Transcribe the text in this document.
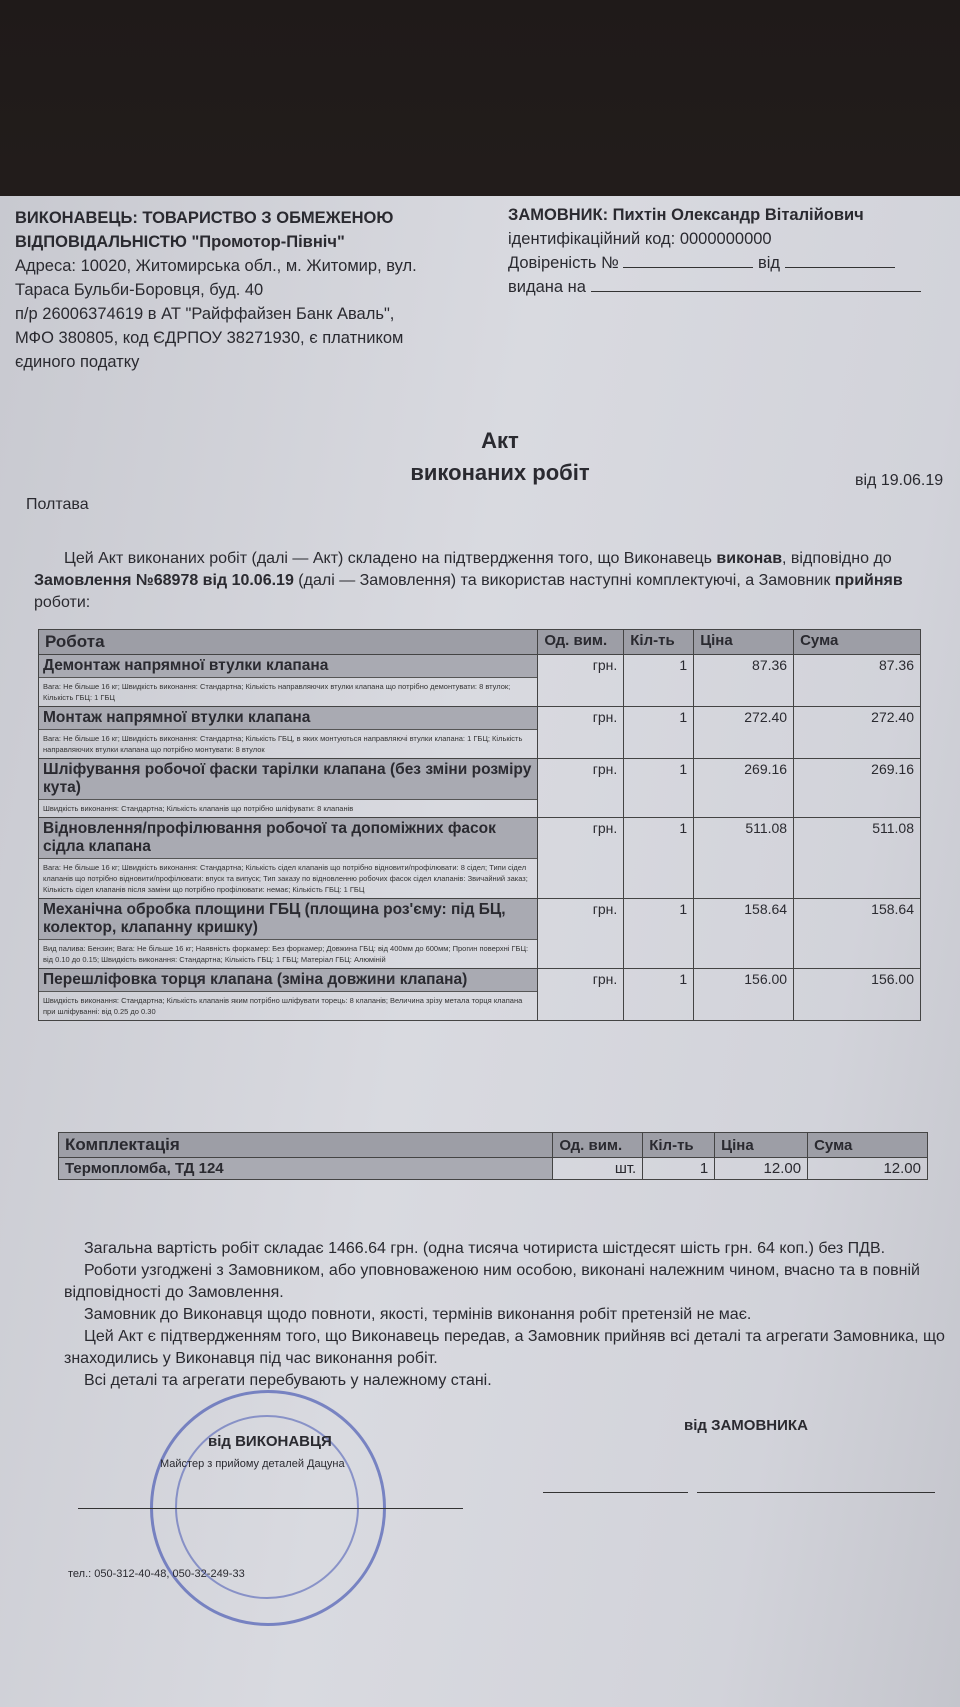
ВИКОНАВЕЦЬ: ТОВАРИСТВО З ОБМЕЖЕНОЮ
ВІДПОВІДАЛЬНІСТЮ "Промотор-Північ"
Адреса: 10020, Житомирська обл., м. Житомир, вул.
Тараса Бульби-Боровця, буд. 40
п/р 26006374619 в АТ "Райффайзен Банк Аваль",
МФО 380805, код ЄДРПОУ 38271930, є платником
єдиного податку
ЗАМОВНИК: Пихтін Олександр Віталійович
ідентифікаційний код: 0000000000
Довіреність №	від
видана на
Акт
виконаних робіт
Полтава
від 19.06.19
Цей Акт виконаних робіт (далі — Акт) складено на підтвердження того, що Виконавець виконав, відповідно до Замовлення №68978 від 10.06.19 (далі — Замовлення) та використав наступні комплектуючі, а Замовник прийняв роботи:
Робота	Од. вим.	Кіл-ть	Ціна	Сума

Демонтаж напрямної втулки клапана
Вага: Не більше 16 кг; Швидкість виконання: Стандартна; Кількість направляючих втулки клапана що потрібно демонтувати: 8 втулок; Кількість ГБЦ: 1 ГБЦ	грн.	1	87.36	87.36

Монтаж напрямної втулки клапана
Вага: Не більше 16 кг; Швидкість виконання: Стандартна; Кількість ГБЦ, в яких монтуються направляючі втулки клапана: 1 ГБЦ; Кількість направляючих втулки клапана що потрібно монтувати: 8 втулок	грн.	1	272.40	272.40

Шліфування робочої фаски тарілки клапана (без зміни розміру кута)
Швидкість виконання: Стандартна; Кількість клапанів що потрібно шліфувати: 8 клапанів	грн.	1	269.16	269.16

Відновлення/профілювання робочої та допоміжних фасок сідла клапана
Вага: Не більше 16 кг; Швидкість виконання: Стандартна; Кількість сідел клапанів що потрібно відновити/профілювати: 8 сідел; Типи сідел клапанів що потрібно відновити/профілювати: впуск та випуск; Тип заказу по відновленню робочих фасок сідел клапанів: Звичайний заказ; Кількість сідел клапанів після заміни що потрібно профілювати: немає; Кількість ГБЦ: 1 ГБЦ	грн.	1	511.08	511.08

Механічна обробка площини ГБЦ (площина роз'єму: під БЦ, колектор, клапанну кришку)
Вид палива: Бензин; Вага: Не більше 16 кг; Наявність форкамер: Без форкамер; Довжина ГБЦ: від 400мм до 600мм; Прогин поверхні ГБЦ: від 0.10 до 0.15; Швидкість виконання: Стандартна; Кількість ГБЦ: 1 ГБЦ; Матеріал ГБЦ: Алюміній	грн.	1	158.64	158.64

Перешліфовка торця клапана (зміна довжини клапана)
Швидкість виконання: Стандартна; Кількість клапанів яким потрібно шліфувати торець: 8 клапанів; Величина зрізу метала торця клапана при шліфуванні: від 0.25 до 0.30	грн.	1	156.00	156.00
Комплектація	Од. вим.	Кіл-ть	Ціна	Сума
Термопломба, ТД 124	шт.	1	12.00	12.00
Загальна вартість робіт складає 1466.64 грн. (одна тисяча чотириста шістдесят шість грн. 64 коп.) без ПДВ.
Роботи узгоджені з Замовником, або уповноваженою ним особою, виконані належним чином, вчасно та в повній відповідності до Замовлення.
Замовник до Виконавця щодо повноти, якості, термінів виконання робіт претензій не має.
Цей Акт є підтвердженням того, що Виконавець передав, а Замовник прийняв всі деталі та агрегати Замовника, що знаходились у Виконавця під час виконання робіт.
Всі деталі та агрегати перебувають у належному стані.
від ВИКОНАВЦЯ
Майстер з прийому деталей Дацуна
тел.: 050-312-40-48, 050-32-249-33
від ЗАМОВНИКА
